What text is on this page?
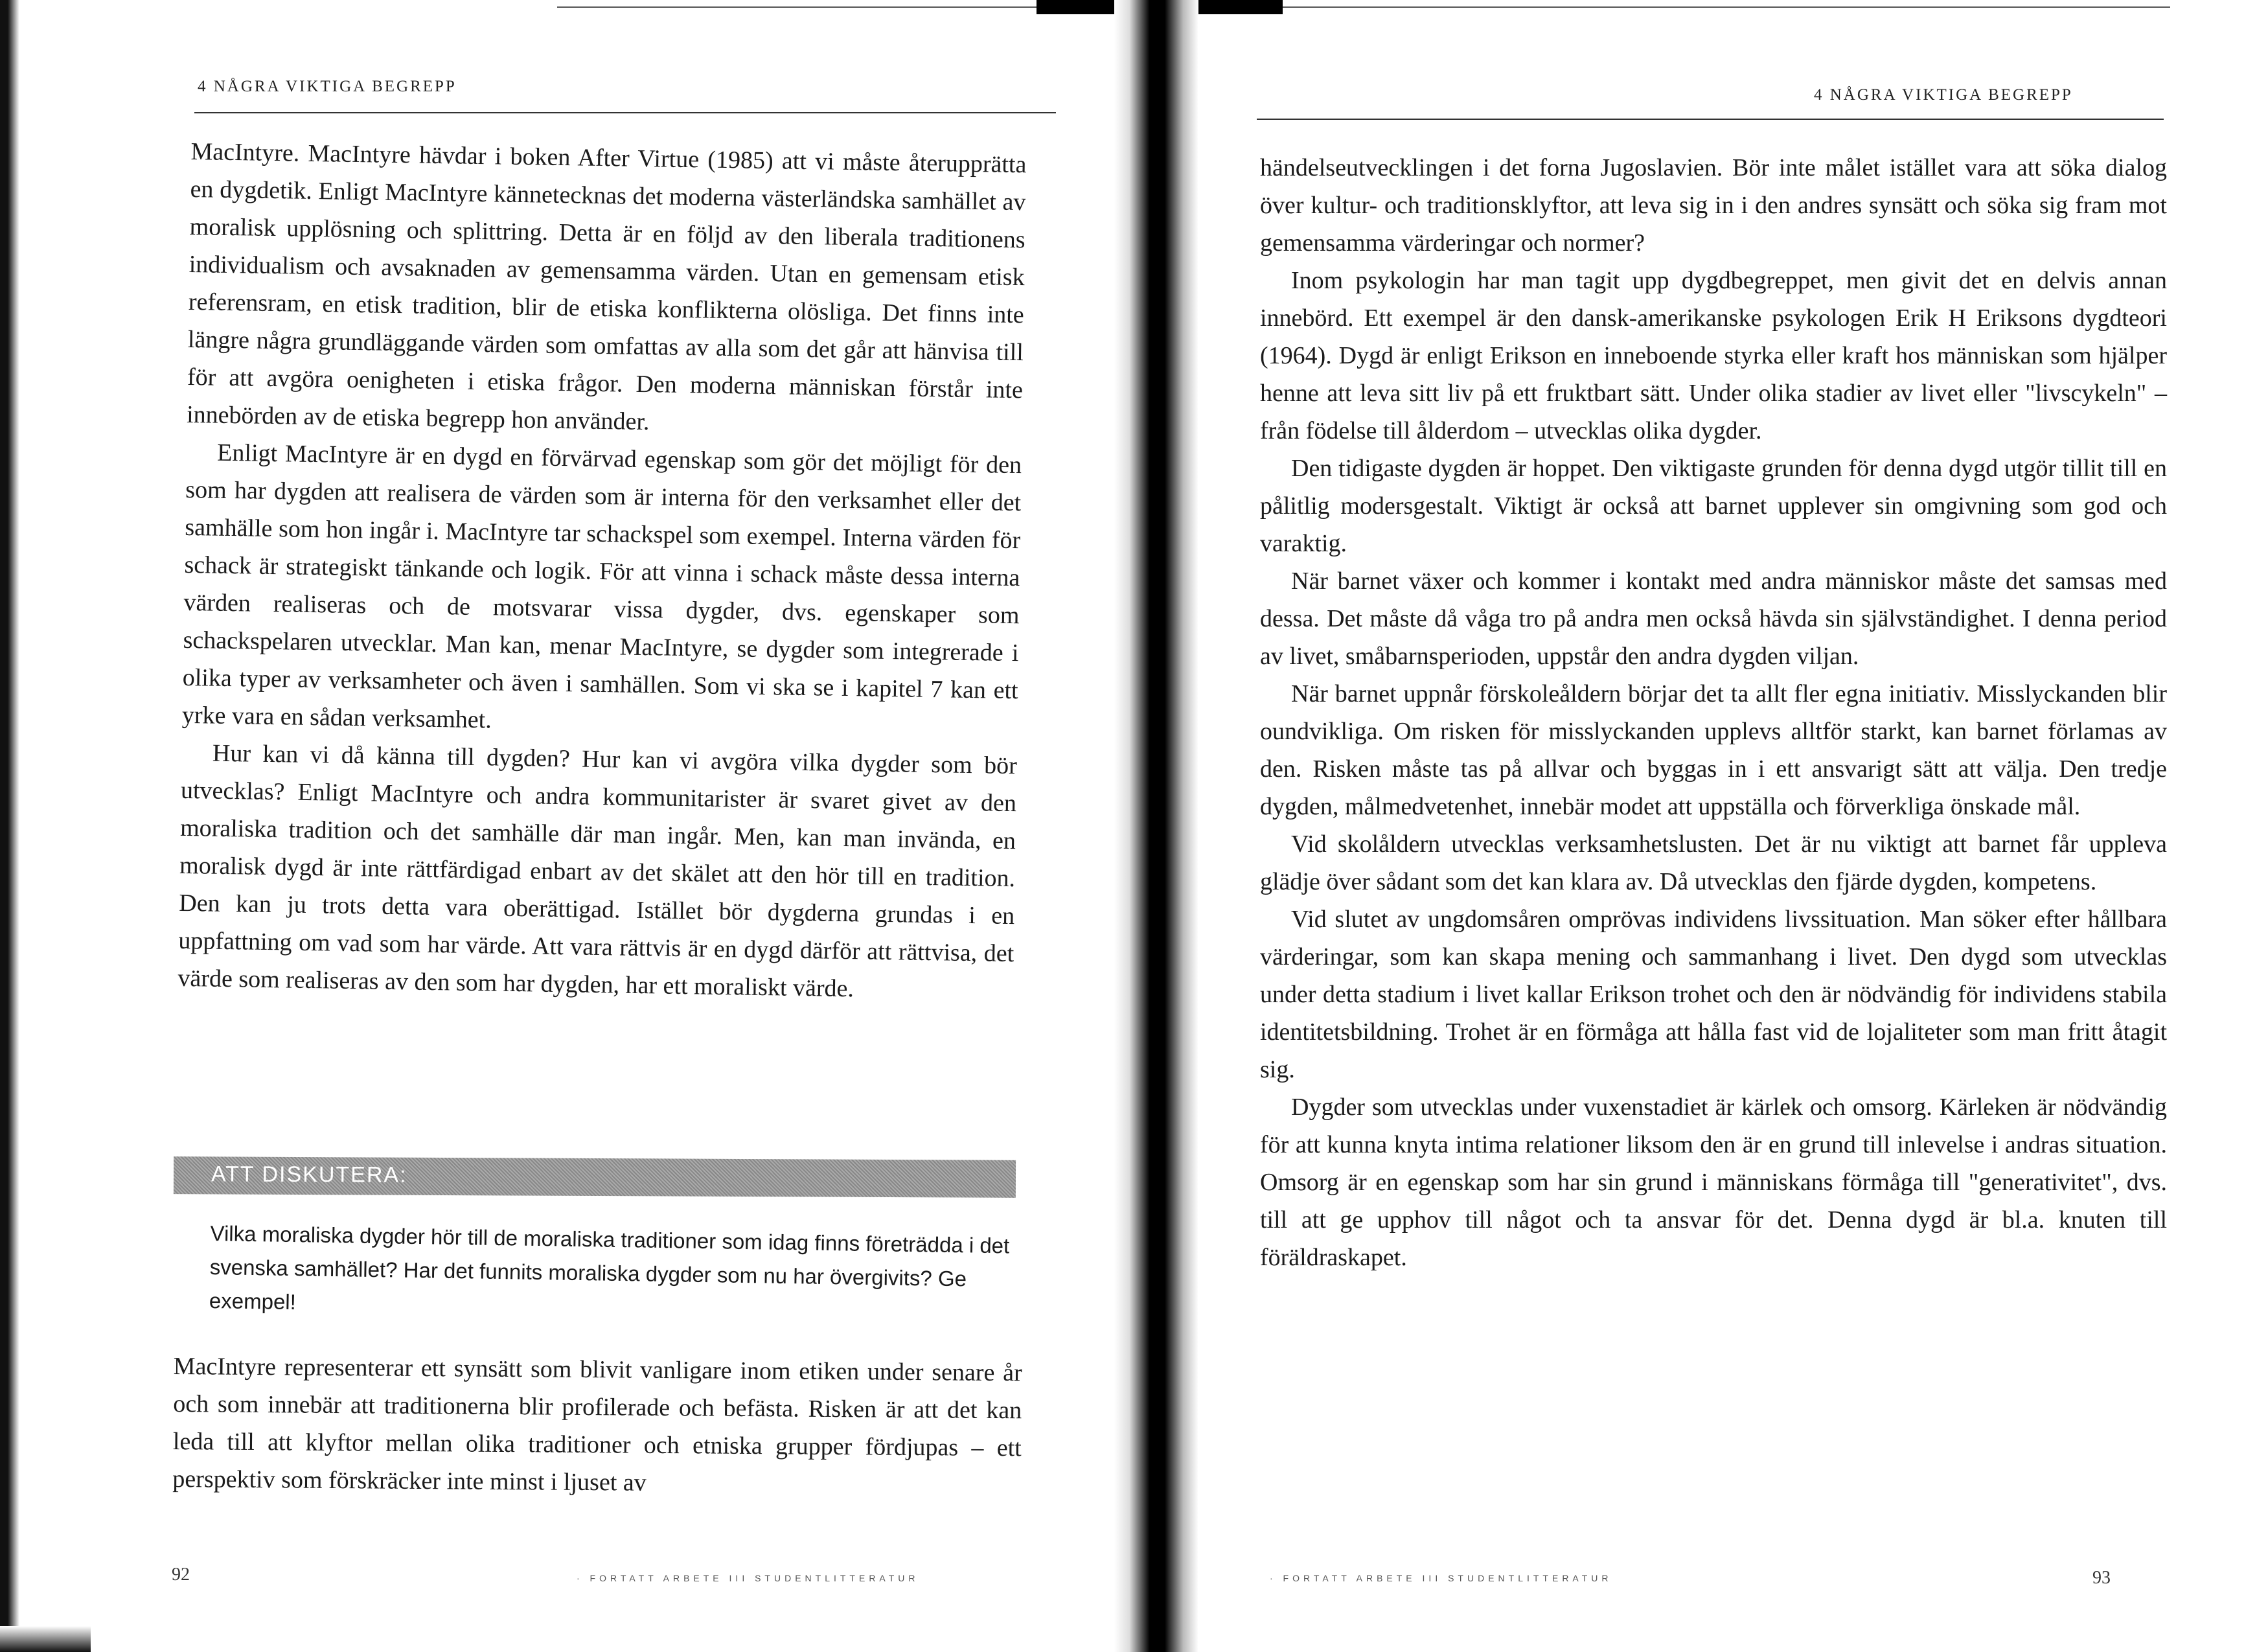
4 NÅGRA VIKTIGA BEGREPP

MacIntyre. MacIntyre hävdar i boken After Virtue (1985) att vi måste återupprätta en dygdetik. Enligt MacIntyre kännetecknas det moderna västerländska samhället av moralisk upplösning och splittring. Detta är en följd av den liberala traditionens individualism och avsaknaden av gemensamma värden. Utan en gemensam etisk referensram, en etisk tradition, blir de etiska konflikterna olösliga. Det finns inte längre några grundläggande värden som omfattas av alla som det går att hänvisa till för att avgöra oenigheten i etiska frågor. Den moderna människan förstår inte innebörden av de etiska begrepp hon använder.

Enligt MacIntyre är en dygd en förvärvad egenskap som gör det möjligt för den som har dygden att realisera de värden som är interna för den verksamhet eller det samhälle som hon ingår i. MacIntyre tar schackspel som exempel. Interna värden för schack är strategiskt tänkande och logik. För att vinna i schack måste dessa interna värden realiseras och de motsvarar vissa dygder, dvs. egenskaper som schackspelaren utvecklar. Man kan, menar MacIntyre, se dygder som integrerade i olika typer av verksamheter och även i samhällen. Som vi ska se i kapitel 7 kan ett yrke vara en sådan verksamhet.

Hur kan vi då känna till dygden? Hur kan vi avgöra vilka dygder som bör utvecklas? Enligt MacIntyre och andra kommunitarister är svaret givet av den moraliska tradition och det samhälle där man ingår. Men, kan man invända, en moralisk dygd är inte rättfärdigad enbart av det skälet att den hör till en tradition. Den kan ju trots detta vara oberättigad. Istället bör dygderna grundas i en uppfattning om vad som har värde. Att vara rättvis är en dygd därför att rättvisa, det värde som realiseras av den som har dygden, har ett moraliskt värde.

ATT DISKUTERA:
Vilka moraliska dygder hör till de moraliska traditioner som idag finns företrädda i det svenska samhället? Har det funnits moraliska dygder som nu har övergivits? Ge exempel!

MacIntyre representerar ett synsätt som blivit vanligare inom etiken under senare år och som innebär att traditionerna blir profilerade och befästa. Risken är att det kan leda till att klyftor mellan olika traditioner och etniska grupper fördjupas – ett perspektiv som förskräcker inte minst i ljuset av

92	· FORTATT ARBETE III STUDENTLITTERATUR
4 NÅGRA VIKTIGA BEGREPP

händelseutvecklingen i det forna Jugoslavien. Bör inte målet istället vara att söka dialog över kultur- och traditionsklyftor, att leva sig in i den andres synsätt och söka sig fram mot gemensamma värderingar och normer?

Inom psykologin har man tagit upp dygdbegreppet, men givit det en delvis annan innebörd. Ett exempel är den dansk-amerikanske psykologen Erik H Eriksons dygdteori (1964). Dygd är enligt Erikson en inneboende styrka eller kraft hos människan som hjälper henne att leva sitt liv på ett fruktbart sätt. Under olika stadier av livet eller "livscykeln" – från födelse till ålderdom – utvecklas olika dygder.

Den tidigaste dygden är hoppet. Den viktigaste grunden för denna dygd utgör tillit till en pålitlig modersgestalt. Viktigt är också att barnet upplever sin omgivning som god och varaktig.

När barnet växer och kommer i kontakt med andra människor måste det samsas med dessa. Det måste då våga tro på andra men också hävda sin självständighet. I denna period av livet, småbarnsperioden, uppstår den andra dygden viljan.

När barnet uppnår förskoleåldern börjar det ta allt fler egna initiativ. Misslyckanden blir oundvikliga. Om risken för misslyckanden upplevs alltför starkt, kan barnet förlamas av den. Risken måste tas på allvar och byggas in i ett ansvarigt sätt att välja. Den tredje dygden, målmedvetenhet, innebär modet att uppställa och förverkliga önskade mål.

Vid skolåldern utvecklas verksamhetslusten. Det är nu viktigt att barnet får uppleva glädje över sådant som det kan klara av. Då utvecklas den fjärde dygden, kompetens.

Vid slutet av ungdomsåren omprövas individens livssituation. Man söker efter hållbara värderingar, som kan skapa mening och sammanhang i livet. Den dygd som utvecklas under detta stadium i livet kallar Erikson trohet och den är nödvändig för individens stabila identitetsbildning. Trohet är en förmåga att hålla fast vid de lojaliteter som man fritt åtagit sig.

Dygder som utvecklas under vuxenstadiet är kärlek och omsorg. Kärleken är nödvändig för att kunna knyta intima relationer liksom den är en grund till inlevelse i andras situation. Omsorg är en egenskap som har sin grund i människans förmåga till "generativitet", dvs. till att ge upphov till något och ta ansvar för det. Denna dygd är bl.a. knuten till föräldraskapet.

· FORTATT ARBETE III STUDENTLITTERATUR	93
